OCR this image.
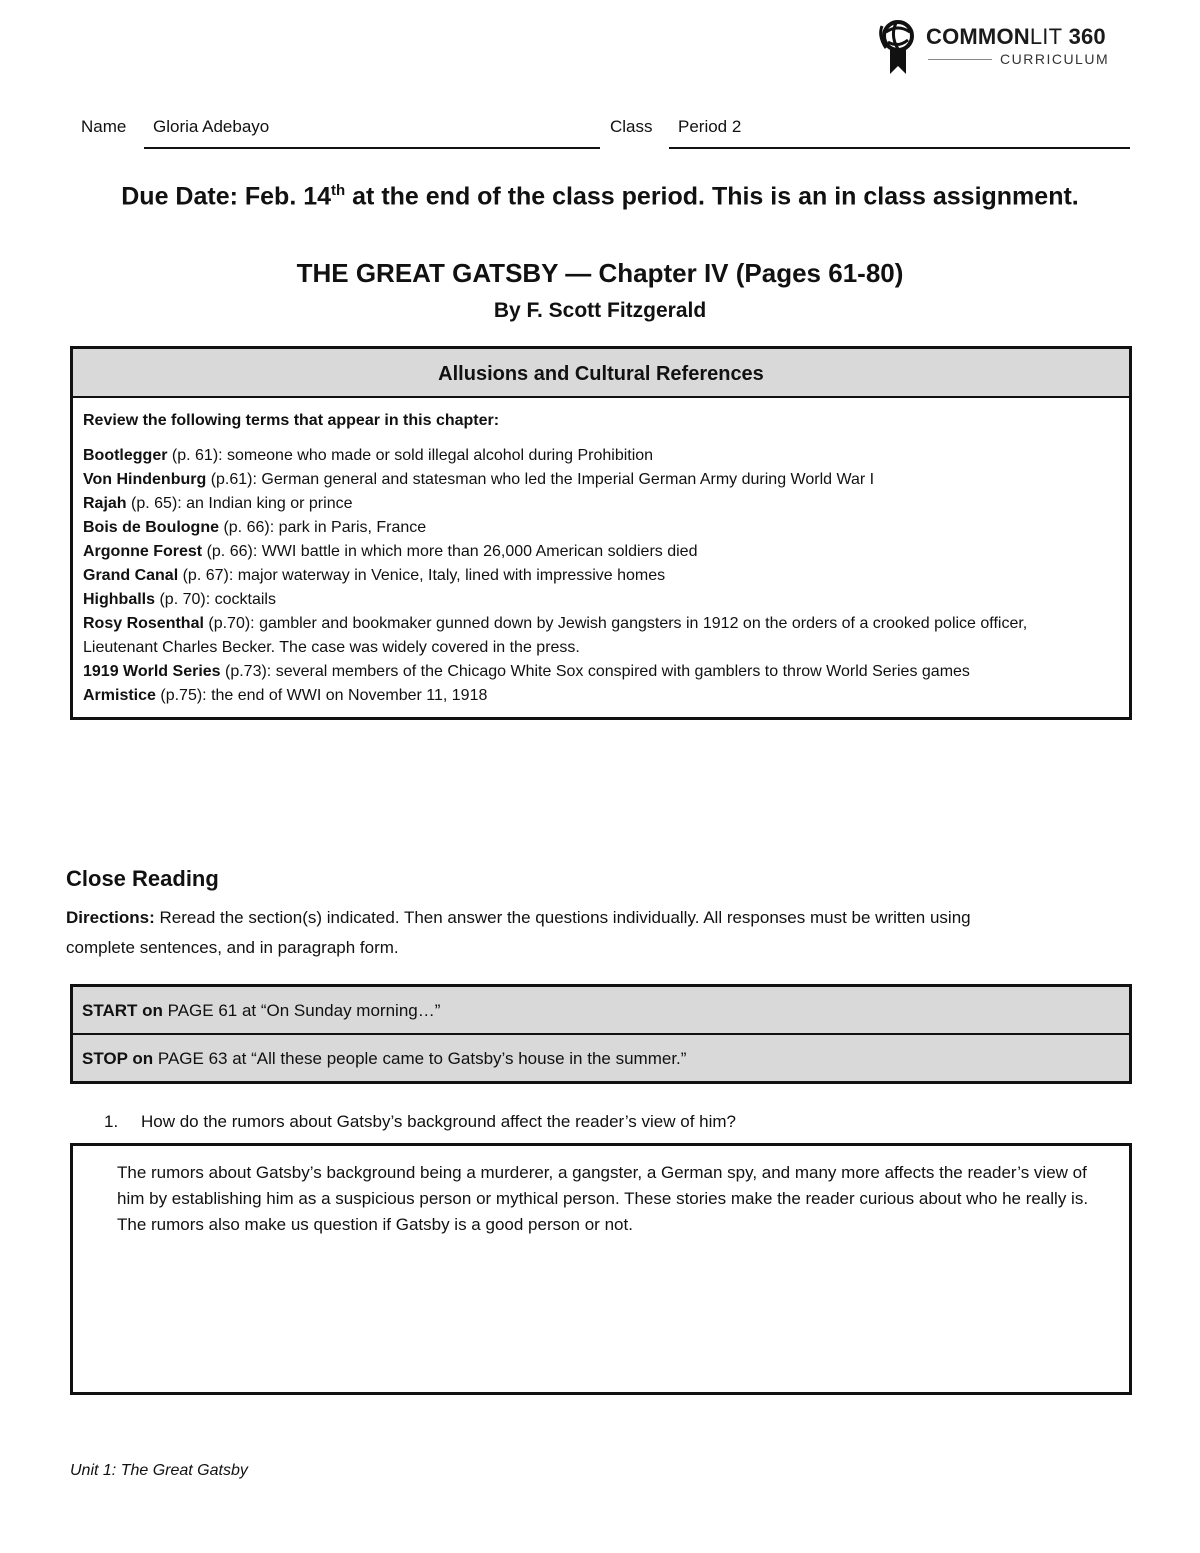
COMMONLIT 360
CURRICULUM
Name Gloria Adebayo	Class Period 2
Due Date: Feb. 14th at the end of the class period. This is an in class assignment.
THE GREAT GATSBY — Chapter IV (Pages 61-80)
By F. Scott Fitzgerald
Allusions and Cultural References
Review the following terms that appear in this chapter:
Bootlegger (p. 61): someone who made or sold illegal alcohol during Prohibition
Von Hindenburg (p.61): German general and statesman who led the Imperial German Army during World War I
Rajah (p. 65): an Indian king or prince
Bois de Boulogne (p. 66): park in Paris, France
Argonne Forest (p. 66): WWI battle in which more than 26,000 American soldiers died
Grand Canal (p. 67): major waterway in Venice, Italy, lined with impressive homes
Highballs (p. 70): cocktails
Rosy Rosenthal (p.70): gambler and bookmaker gunned down by Jewish gangsters in 1912 on the orders of a crooked police officer, Lieutenant Charles Becker. The case was widely covered in the press.
1919 World Series (p.73): several members of the Chicago White Sox conspired with gamblers to throw World Series games
Armistice (p.75): the end of WWI on November 11, 1918
Close Reading
Directions: Reread the section(s) indicated. Then answer the questions individually. All responses must be written using complete sentences, and in paragraph form.
START on PAGE 61 at “On Sunday morning…”
STOP on PAGE 63 at “All these people came to Gatsby’s house in the summer.”
1. How do the rumors about Gatsby’s background affect the reader’s view of him?
The rumors about Gatsby’s background being a murderer, a gangster, a German spy, and many more affects the reader’s view of him by establishing him as a suspicious person or mythical person. These stories make the reader curious about who he really is. The rumors also make us question if Gatsby is a good person or not.
Unit 1: The Great Gatsby
